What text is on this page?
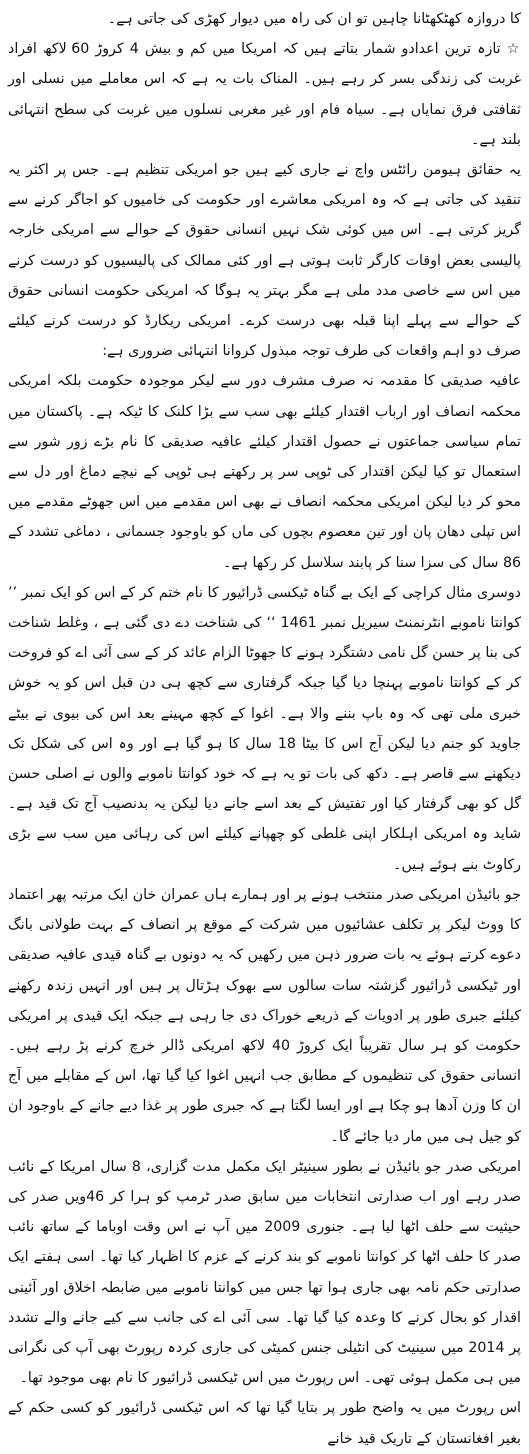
کا دروازہ کھٹکھٹانا چاہیں تو ان کی راہ میں دیوار کھڑی کی جاتی ہے۔

☆ تازہ ترین اعدادو شمار بتاتے ہیں کہ امریکا میں کم و بیش 4 کروڑ 60 لاکھ افراد غربت کی زندگی بسر کر رہے ہیں۔ المناک بات یہ ہے کہ اس معاملے میں نسلی اور ثقافتی فرق نمایاں ہے۔ سیاہ فام اور غیر مغربی نسلوں میں غربت کی سطح انتہائی بلند ہے۔

یہ حقائق ہیومن رائٹس واچ نے جاری کیے ہیں جو امریکی تنظیم ہے۔ جس پر اکثر یہ تنقید کی جاتی ہے کہ وہ امریکی معاشرے اور حکومت کی خامیوں کو اجاگر کرنے سے گریز کرتی ہے۔ اس میں کوئی شک نہیں انسانی حقوق کے حوالے سے امریکی خارجہ پالیسی بعض اوقات کارگر ثابت ہوتی ہے اور کئی ممالک کی پالیسیوں کو درست کرنے میں اس سے خاصی مدد ملی ہے مگر بہتر یہ ہوگا کہ امریکی حکومت انسانی حقوق کے حوالے سے پہلے اپنا قبلہ بھی درست کرے۔ امریکی ریکارڈ کو درست کرنے کیلئے صرف دو اہم واقعات کی طرف توجہ مبذول کروانا انتہائی ضروری ہے:

عافیہ صدیقی کا مقدمہ نہ صرف مشرف دور سے لیکر موجودہ حکومت بلکہ امریکی محکمہ انصاف اور ارباب اقتدار کیلئے بھی سب سے بڑا کلنک کا ٹیکہ ہے۔ پاکستان میں تمام سیاسی جماعتوں نے حصول اقتدار کیلئے عافیہ صدیقی کا نام بڑے زور شور سے استعمال تو کیا لیکن اقتدار کی ٹوپی سر پر رکھتے ہی ٹوپی کے نیچے دماغ اور دل سے محو کر دیا لیکن امریکی محکمہ انصاف نے بھی اس مقدمے میں اس جھوٹے مقدمے میں اس تپلی دھان پان اور تین معصوم بچوں کی ماں کو باوجود جسمانی ، دماغی تشدد کے 86 سال کی سزا سنا کر پابند سلاسل کر رکھا ہے۔

دوسری مثال کراچی کے ایک بے گناہ ٹیکسی ڈرائیور کا نام ختم کر کے اس کو ایک نمبر ’’ کوانتا ناموبے انٹرنمنٹ سیریل نمبر 1461 ‘‘ کی شناخت دے دی گئی ہے ، وغلط شناخت کی بنا پر حسن گل نامی دشتگرد ہونے کا جھوٹا الزام عائد کر کے سی آئی اے کو فروخت کر کے کوانتا ناموبے پہنچا دیا گیا جبکہ گرفتاری سے کچھ ہی دن قبل اس کو یہ خوش خبری ملی تھی کہ وہ باپ بننے والا ہے۔ اغوا کے کچھ مہینے بعد اس کی بیوی نے بیٹے جاوید کو جنم دیا لیکن آج اس کا بیٹا 18 سال کا ہو گیا ہے اور وہ اس کی شکل تک دیکھنے سے قاصر ہے۔ دکھ کی بات تو یہ ہے کہ خود کوانتا ناموبے والوں نے اصلی حسن گل کو بھی گرفتار کیا اور تفتیش کے بعد اسے جانے دیا لیکن یہ بدنصیب آج تک قید ہے۔ شاید وہ امریکی اہلکار اپنی غلطی کو چھپانے کیلئے اس کی رہائی میں سب سے بڑی رکاوٹ بنے ہوئے ہیں۔

جو بائیڈن امریکی صدر منتخب ہونے پر اور ہمارے ہاں عمران خان ایک مرتبہ پھر اعتماد کا ووٹ لیکر پر تکلف عشائیوں میں شرکت کے موقع پر انصاف کے بہت طولانی بانگ دعوے کرتے ہوئے یہ بات ضرور ذہن میں رکھیں کہ یہ دونوں بے گناہ قیدی عافیہ صدیقی اور ٹیکسی ڈرائیور گزشتہ سات سالوں سے بھوک ہڑتال پر ہیں اور انہیں زندہ رکھنے کیلئے جبری طور پر ادویات کے ذریعے خوراک دی جا رہی ہے جبکہ ایک قیدی پر امریکی حکومت کو ہر سال تقریباً ایک کروڑ 40 لاکھ امریکی ڈالر خرچ کرنے پڑ رہے ہیں۔ انسانی حقوق کی تنظیموں کے مطابق جب انہیں اغوا کیا گیا تھا، اس کے مقابلے میں آج ان کا وزن آدھا ہو چکا ہے اور ایسا لگتا ہے کہ جبری طور پر غذا دیے جانے کے باوجود ان کو جیل ہی میں مار دیا جائے گا۔

امریکی صدر جو بائیڈن نے بطور سینیٹر ایک مکمل مدت گزاری، 8 سال امریکا کے نائب صدر رہے اور اب صدارتی انتخابات میں سابق صدر ٹرمپ کو ہرا کر 46ویں صدر کی حیثیت سے حلف اٹھا لیا ہے۔ جنوری 2009 میں آپ نے اس وقت اوباما کے ساتھ نائب صدر کا حلف اٹھا کر کوانتا ناموبے کو بند کرنے کے عزم کا اظہار کیا تھا۔ اسی ہفتے ایک صدارتی حکم نامہ بھی جاری ہوا تھا جس میں کوانتا ناموبے میں ضابطہ اخلاق اور آئینی اقدار کو بحال کرنے کا وعدہ کیا گیا تھا۔ سی آئی اے کی جانب سے کیے جانے والے تشدد پر 2014 میں سینیٹ کی انٹیلی جنس کمیٹی کی جاری کردہ رپورٹ بھی آپ کی نگرانی میں ہی مکمل ہوئی تھی۔ اس رپورٹ میں اس ٹیکسی ڈرائیور کا نام بھی موجود تھا۔

اس رپورٹ میں یہ واضح طور پر بتایا گیا تھا کہ اس ٹیکسی ڈرائیور کو کسی حکم کے بغیر افغانستان کے تاریک قید خانے
